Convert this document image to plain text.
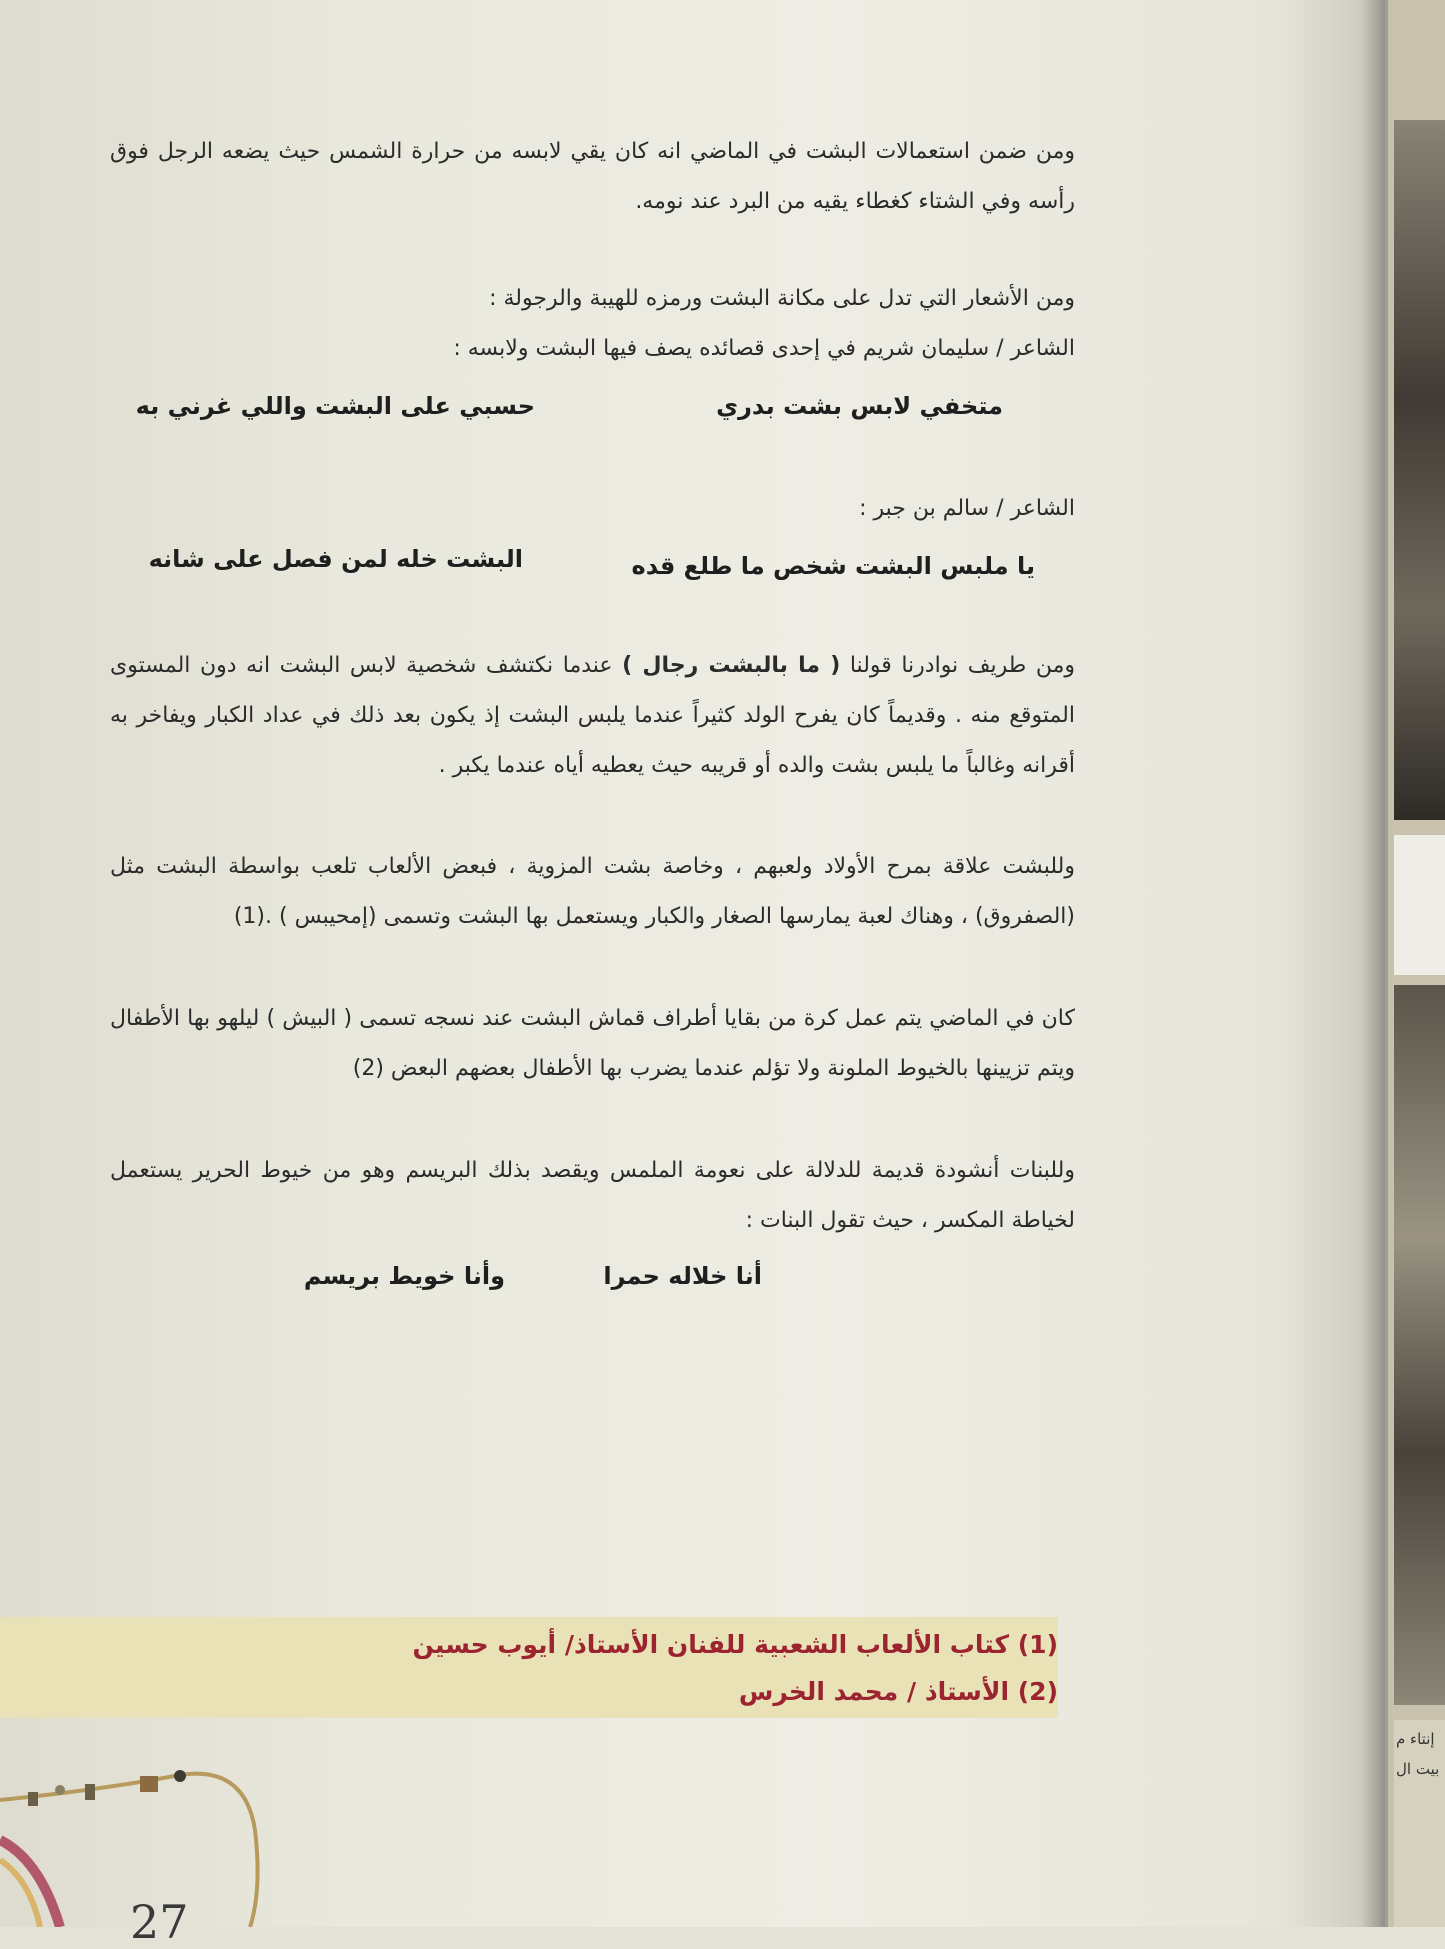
ومن ضمن استعمالات البشت في الماضي انه كان يقي لابسه من حرارة الشمس حيث يضعه الرجل فوق رأسه وفي الشتاء كغطاء يقيه من البرد عند نومه.

ومن الأشعار التي تدل على مكانة البشت ورمزه للهيبة والرجولة :

الشاعر / سليمان شريم في إحدى قصائده يصف فيها البشت ولابسه :

متخفي لابس بشت بدري
حسبي على البشت واللي غرني به

الشاعر / سالم بن جبر :

يا ملبس البشت شخص ما طلع قده
البشت خله لمن فصل على شانه

ومن طريف نوادرنا قولنا ( ما بالبشت رجال ) عندما نكتشف شخصية لابس البشت انه دون المستوى المتوقع منه . وقديماً كان يفرح الولد كثيراً عندما يلبس البشت إذ يكون بعد ذلك في عداد الكبار ويفاخر به أقرانه وغالباً ما يلبس بشت والده أو قريبه حيث يعطيه أياه عندما يكبر .

وللبشت علاقة بمرح الأولاد ولعبهم ، وخاصة بشت المزوية ، فبعض الألعاب تلعب بواسطة البشت مثل (الصفروق) ، وهناك لعبة يمارسها الصغار والكبار ويستعمل بها البشت وتسمى (إمحيبس ) .(1)

كان في الماضي يتم عمل كرة من بقايا أطراف قماش البشت عند نسجه تسمى ( البيش ) ليلهو بها الأطفال ويتم تزيينها بالخيوط الملونة ولا تؤلم عندما يضرب بها الأطفال بعضهم البعض (2)

وللبنات أنشودة قديمة للدلالة على نعومة الملمس ويقصد بذلك البريسم وهو من خيوط الحرير يستعمل لخياطة المكسر ، حيث تقول البنات :

أنا خلاله حمرا
وأنا خويط بريسم
(1) كتاب الألعاب الشعبية للفنان الأستاذ/ أيوب حسين
(2) الأستاذ / محمد الخرس
27
إنتاء م
بيت ال
